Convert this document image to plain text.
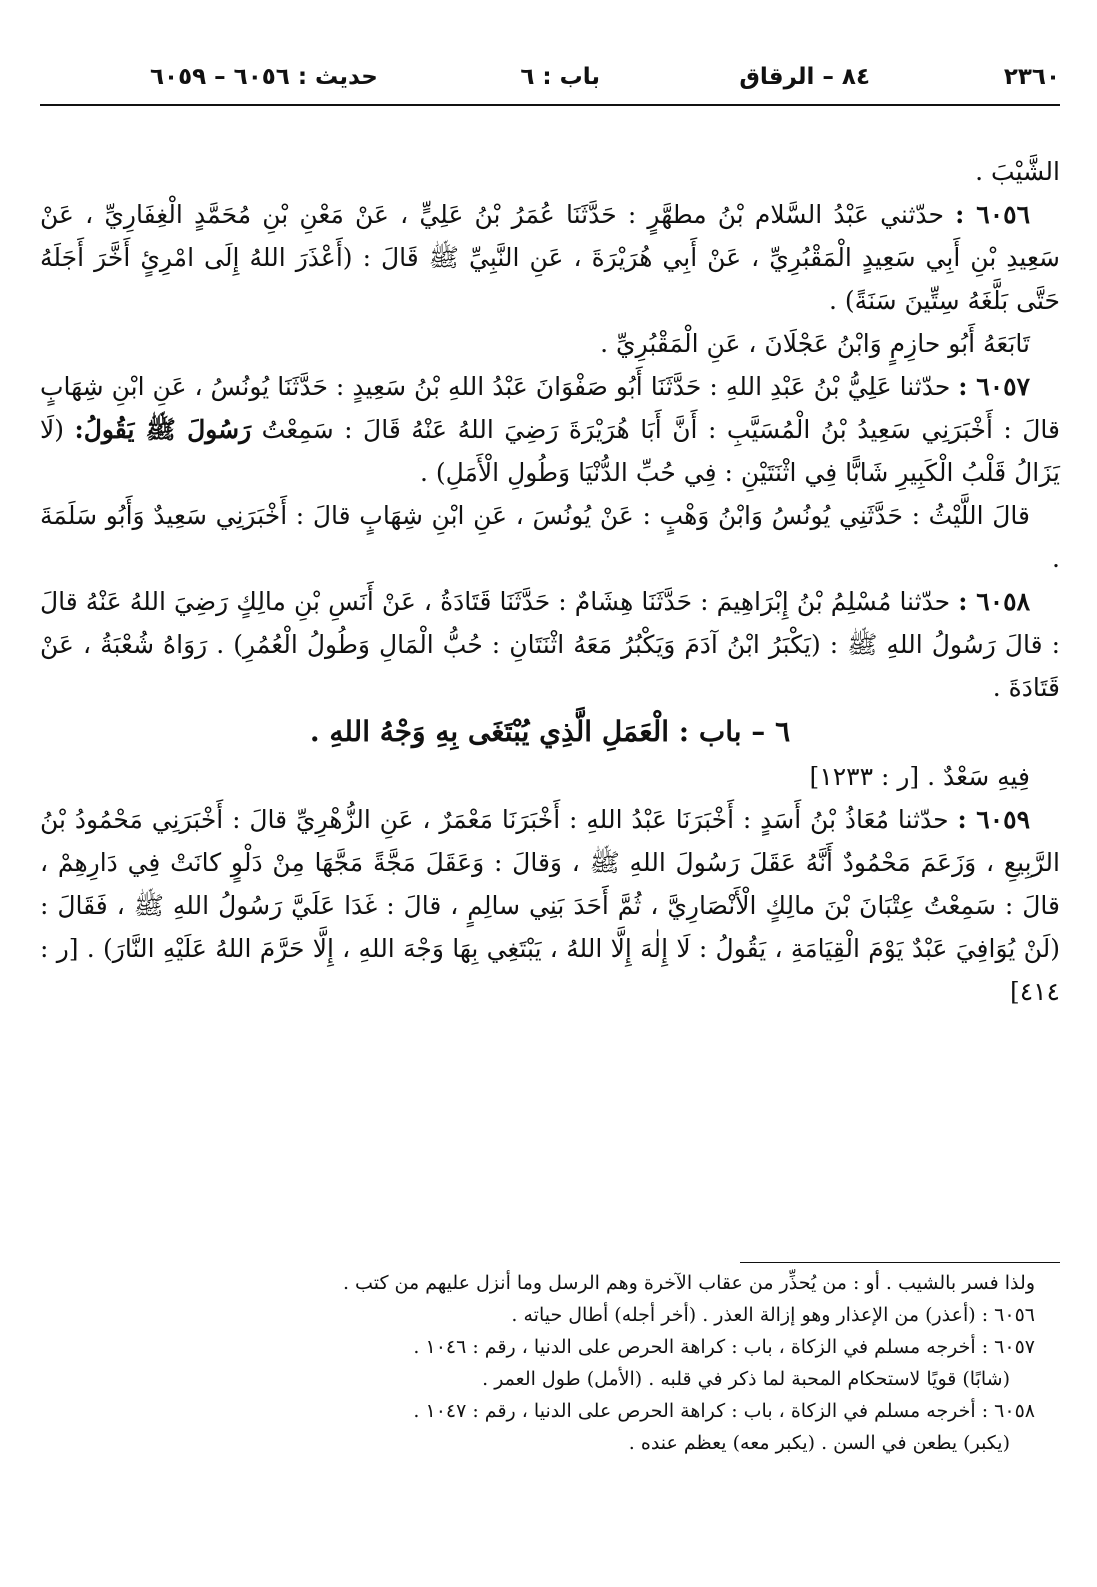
٢٣٦٠
٨٤ – الرقاق
باب : ٦
حديث : ٦٠٥٦ – ٦٠٥٩

الشَّيْبَ .

٦٠٥٦ : حدّثني عَبْدُ السَّلام بْنُ مطهَّرٍ : حَدَّثَنَا عُمَرُ بْنُ عَلِيٍّ ، عَنْ مَعْنِ بْنِ مُحَمَّدٍ الْغِفَارِيِّ ، عَنْ سَعِيدِ بْنِ أَبِي سَعِيدٍ الْمَقْبُرِيِّ ، عَنْ أَبِي هُرَيْرَةَ ، عَنِ النَّبِيِّ ﷺ قَالَ : (أَعْذَرَ اللهُ إِلَى امْرِئٍ أَخَّرَ أَجَلَهُ حَتَّى بَلَّغَهُ سِتِّينَ سَنَةً) .

تَابَعَهُ أَبُو حازِمٍ وَابْنُ عَجْلَانَ ، عَنِ الْمَقْبُرِيِّ .

٦٠٥٧ : حدّثنا عَلِيُّ بْنُ عَبْدِ اللهِ : حَدَّثَنَا أَبُو صَفْوَانَ عَبْدُ اللهِ بْنُ سَعِيدٍ : حَدَّثَنَا يُونُسُ ، عَنِ ابْنِ شِهَابٍ قالَ : أَخْبَرَنِي سَعِيدُ بْنُ الْمُسَيَّبِ : أَنَّ أَبَا هُرَيْرَةَ رَضِيَ اللهُ عَنْهُ قَالَ : سَمِعْتُ رَسُولَ ﷺ يَقُولُ: (لَا يَزَالُ قَلْبُ الْكَبِيرِ شَابًّا فِي اثْنَتَيْنِ : فِي حُبِّ الدُّنْيَا وَطُولِ الْأَمَلِ) .

قالَ اللَّيْثُ : حَدَّثَنِي يُونُسُ وَابْنُ وَهْبٍ : عَنْ يُونُسَ ، عَنِ ابْنِ شِهَابٍ قالَ : أَخْبَرَنِي سَعِيدٌ وَأَبُو سَلَمَةَ .

٦٠٥٨ : حدّثنا مُسْلِمُ بْنُ إِبْرَاهِيمَ : حَدَّثَنَا هِشَامٌ : حَدَّثَنَا قَتَادَةُ ، عَنْ أَنَسِ بْنِ مالِكٍ رَضِيَ اللهُ عَنْهُ قالَ : قالَ رَسُولُ اللهِ ﷺ : (يَكْبَرُ ابْنُ آدَمَ وَيَكْبُرُ مَعَهُ اثْنَتَانِ : حُبُّ الْمَالِ وَطُولُ الْعُمُرِ) . رَوَاهُ شُعْبَةُ ، عَنْ قَتَادَةَ .

٦ – باب : الْعَمَلِ الَّذِي يُبْتَغَى بِهِ وَجْهُ اللهِ .

فِيهِ سَعْدٌ . [ر : ١٢٣٣]

٦٠٥٩ : حدّثنا مُعَاذُ بْنُ أَسَدٍ : أَخْبَرَنَا عَبْدُ اللهِ : أَخْبَرَنَا مَعْمَرٌ ، عَنِ الزُّهْرِيِّ قالَ : أَخْبَرَنِي مَحْمُودُ بْنُ الرَّبِيعِ ، وَزَعَمَ مَحْمُودٌ أَنَّهُ عَقَلَ رَسُولَ اللهِ ﷺ ، وَقالَ : وَعَقَلَ مَجَّةً مَجَّهَا مِنْ دَلْوٍ كانَتْ فِي دَارِهِمْ ، قالَ : سَمِعْتُ عِتْبَانَ بْنَ مالِكٍ الْأَنْصَارِيَّ ، ثُمَّ أَحَدَ بَنِي سالِمٍ ، قالَ : غَدَا عَلَيَّ رَسُولُ اللهِ ﷺ ، فَقَالَ : (لَنْ يُوَافِيَ عَبْدٌ يَوْمَ الْقِيَامَةِ ، يَقُولُ : لَا إِلٰهَ إِلَّا اللهُ ، يَبْتَغِي بِهَا وَجْهَ اللهِ ، إِلَّا حَرَّمَ اللهُ عَلَيْهِ النَّارَ) . [ر : ٤١٤]

ولذا فسر بالشيب . أو : من يُحذِّر من عقاب الآخرة وهم الرسل وما أنزل عليهم من كتب .

٦٠٥٦ : (أعذر) من الإعذار وهو إزالة العذر . (أخر أجله) أطال حياته .

٦٠٥٧ : أخرجه مسلم في الزكاة ، باب : كراهة الحرص على الدنيا ، رقم : ١٠٤٦ .

(شابًا) قويًا لاستحكام المحبة لما ذكر في قلبه . (الأمل) طول العمر .

٦٠٥٨ : أخرجه مسلم في الزكاة ، باب : كراهة الحرص على الدنيا ، رقم : ١٠٤٧ .

(يكبر) يطعن في السن . (يكبر معه) يعظم عنده .
